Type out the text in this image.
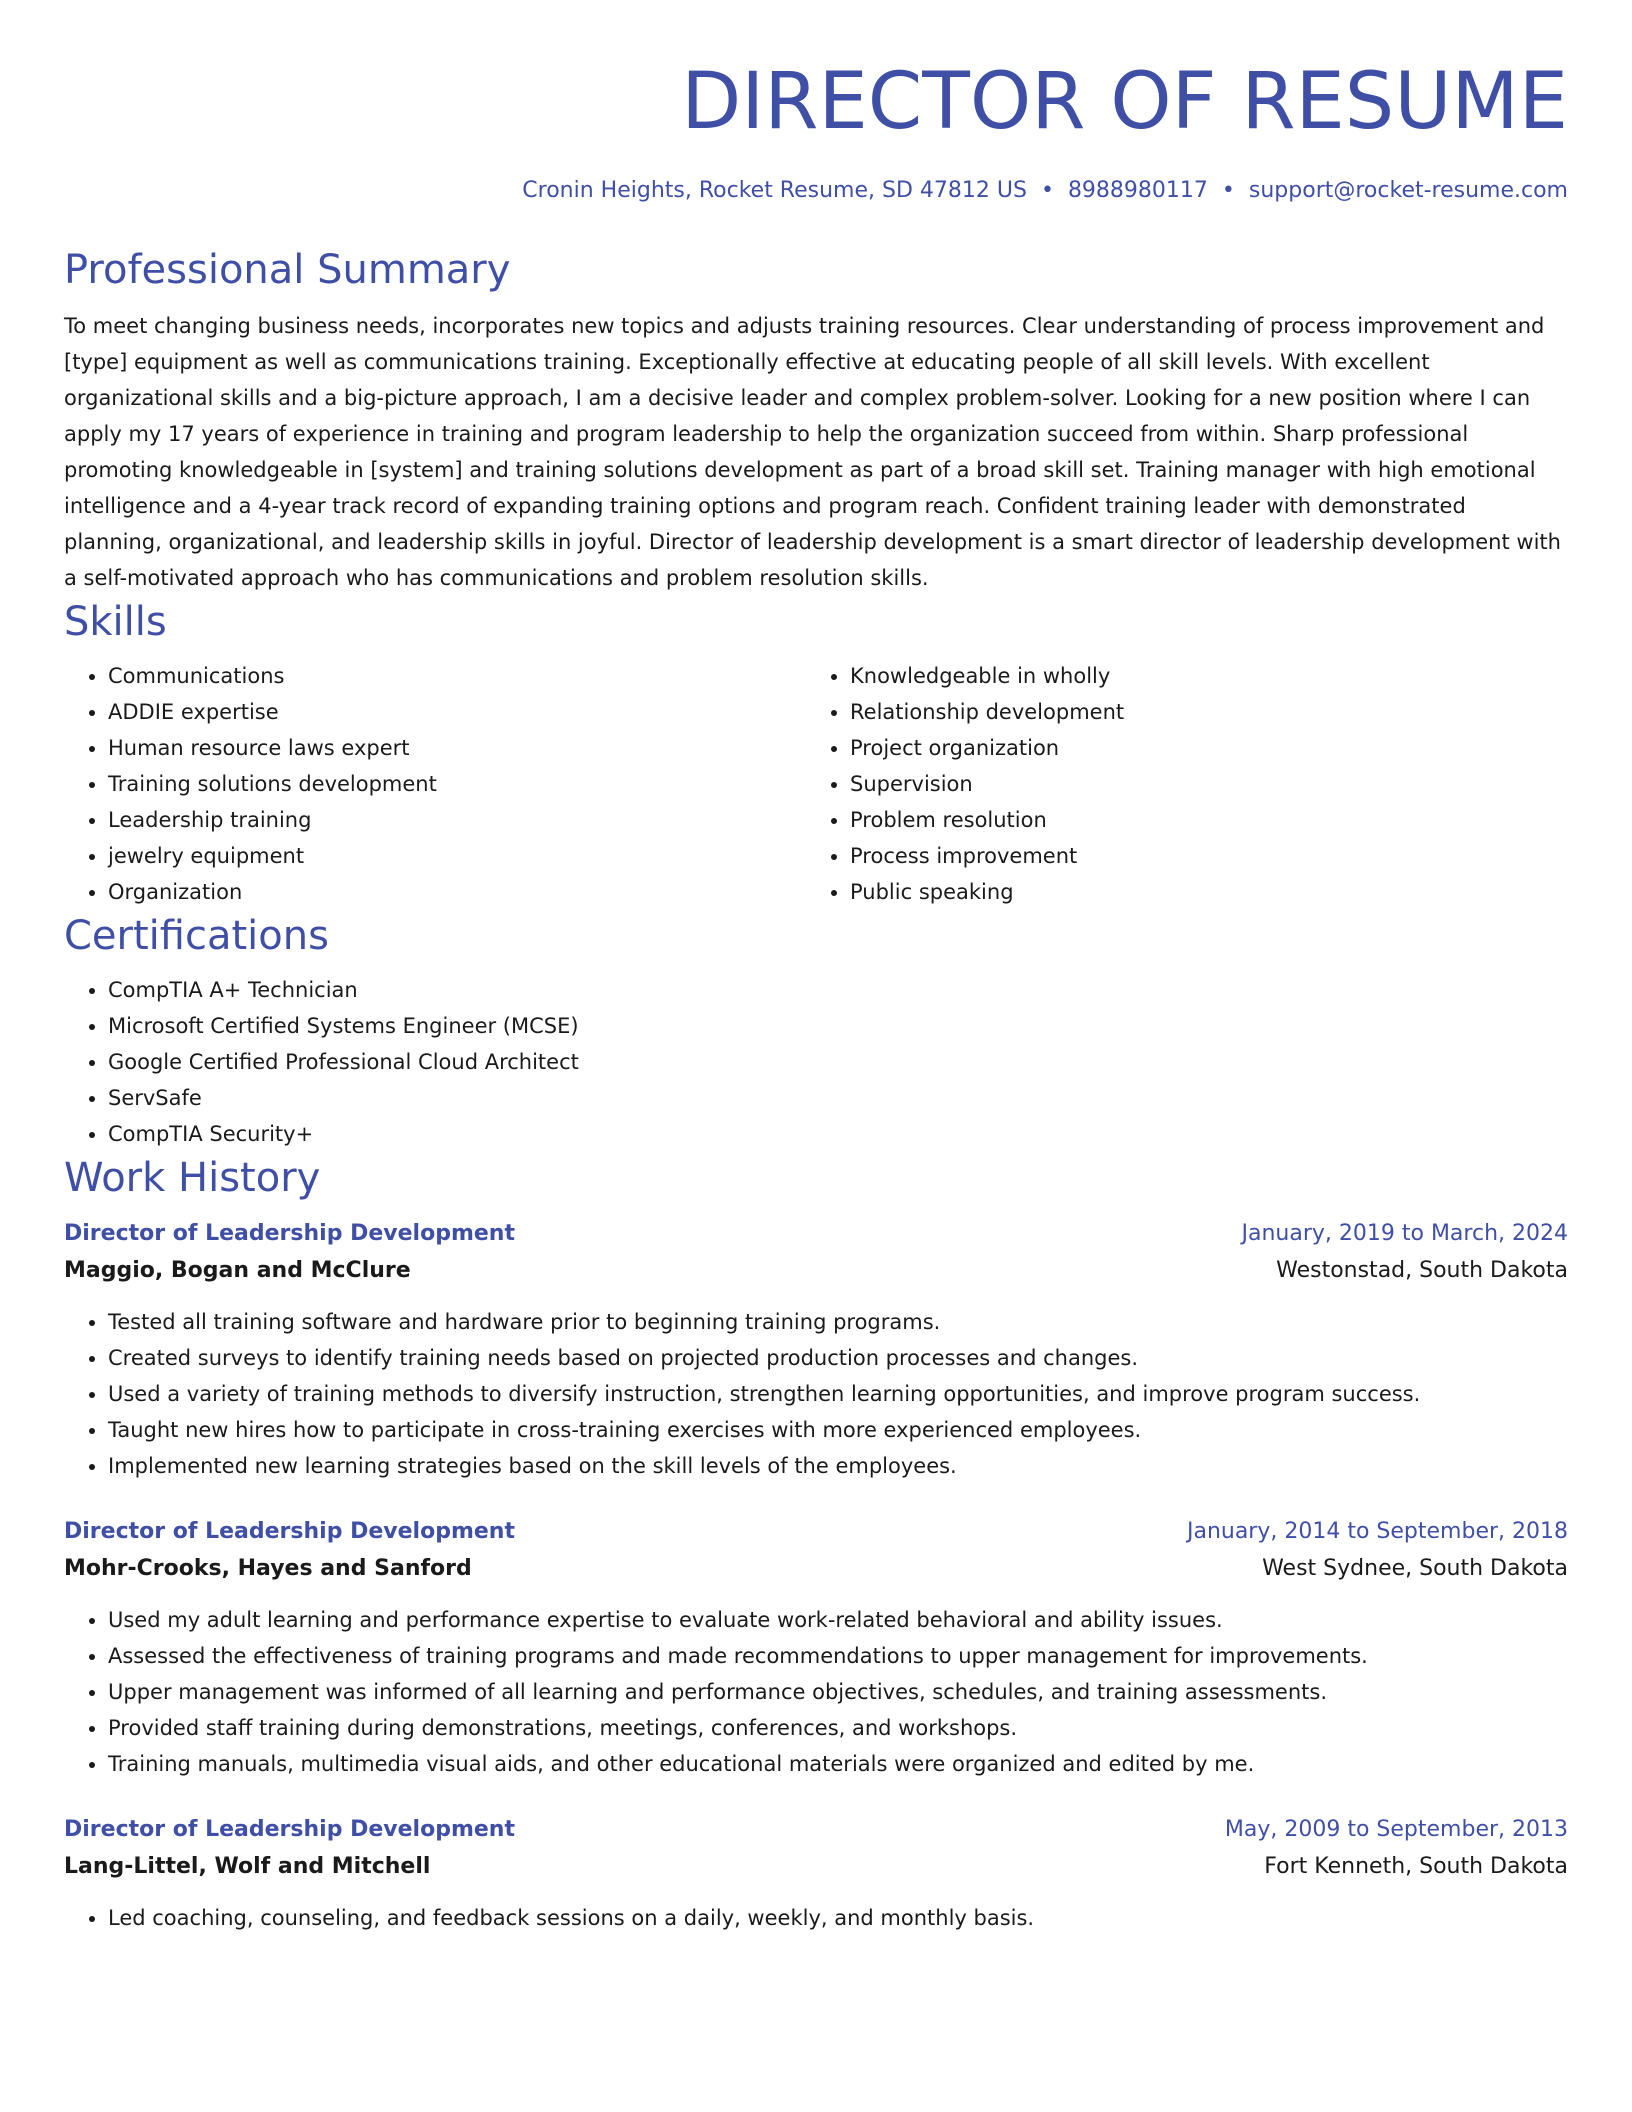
DIRECTOR OF RESUME
Cronin Heights, Rocket Resume, SD 47812 US • 8988980117 • support@rocket-resume.com
Professional Summary

To meet changing business needs, incorporates new topics and adjusts training resources. Clear understanding of process improvement and [type] equipment as well as communications training. Exceptionally effective at educating people of all skill levels. With excellent organizational skills and a big-picture approach, I am a decisive leader and complex problem-solver. Looking for a new position where I can apply my 17 years of experience in training and program leadership to help the organization succeed from within. Sharp professional promoting knowledgeable in [system] and training solutions development as part of a broad skill set. Training manager with high emotional intelligence and a 4-year track record of expanding training options and program reach. Confident training leader with demonstrated planning, organizational, and leadership skills in joyful. Director of leadership development is a smart director of leadership development with a self-motivated approach who has communications and problem resolution skills.

Skills
• Communications
• ADDIE expertise
• Human resource laws expert
• Training solutions development
• Leadership training
• jewelry equipment
• Organization
• Knowledgeable in wholly
• Relationship development
• Project organization
• Supervision
• Problem resolution
• Process improvement
• Public speaking
Certifications
• CompTIA A+ Technician
• Microsoft Certified Systems Engineer (MCSE)
• Google Certified Professional Cloud Architect
• ServSafe
• CompTIA Security+
Work History
Director of Leadership Development	January, 2019 to March, 2024
Maggio, Bogan and McClure	Westonstad, South Dakota
• Tested all training software and hardware prior to beginning training programs.
• Created surveys to identify training needs based on projected production processes and changes.
• Used a variety of training methods to diversify instruction, strengthen learning opportunities, and improve program success.
• Taught new hires how to participate in cross-training exercises with more experienced employees.
• Implemented new learning strategies based on the skill levels of the employees.
Director of Leadership Development	January, 2014 to September, 2018
Mohr-Crooks, Hayes and Sanford	West Sydnee, South Dakota
• Used my adult learning and performance expertise to evaluate work-related behavioral and ability issues.
• Assessed the effectiveness of training programs and made recommendations to upper management for improvements.
• Upper management was informed of all learning and performance objectives, schedules, and training assessments.
• Provided staff training during demonstrations, meetings, conferences, and workshops.
• Training manuals, multimedia visual aids, and other educational materials were organized and edited by me.
Director of Leadership Development	May, 2009 to September, 2013
Lang-Littel, Wolf and Mitchell	Fort Kenneth, South Dakota
• Led coaching, counseling, and feedback sessions on a daily, weekly, and monthly basis.
